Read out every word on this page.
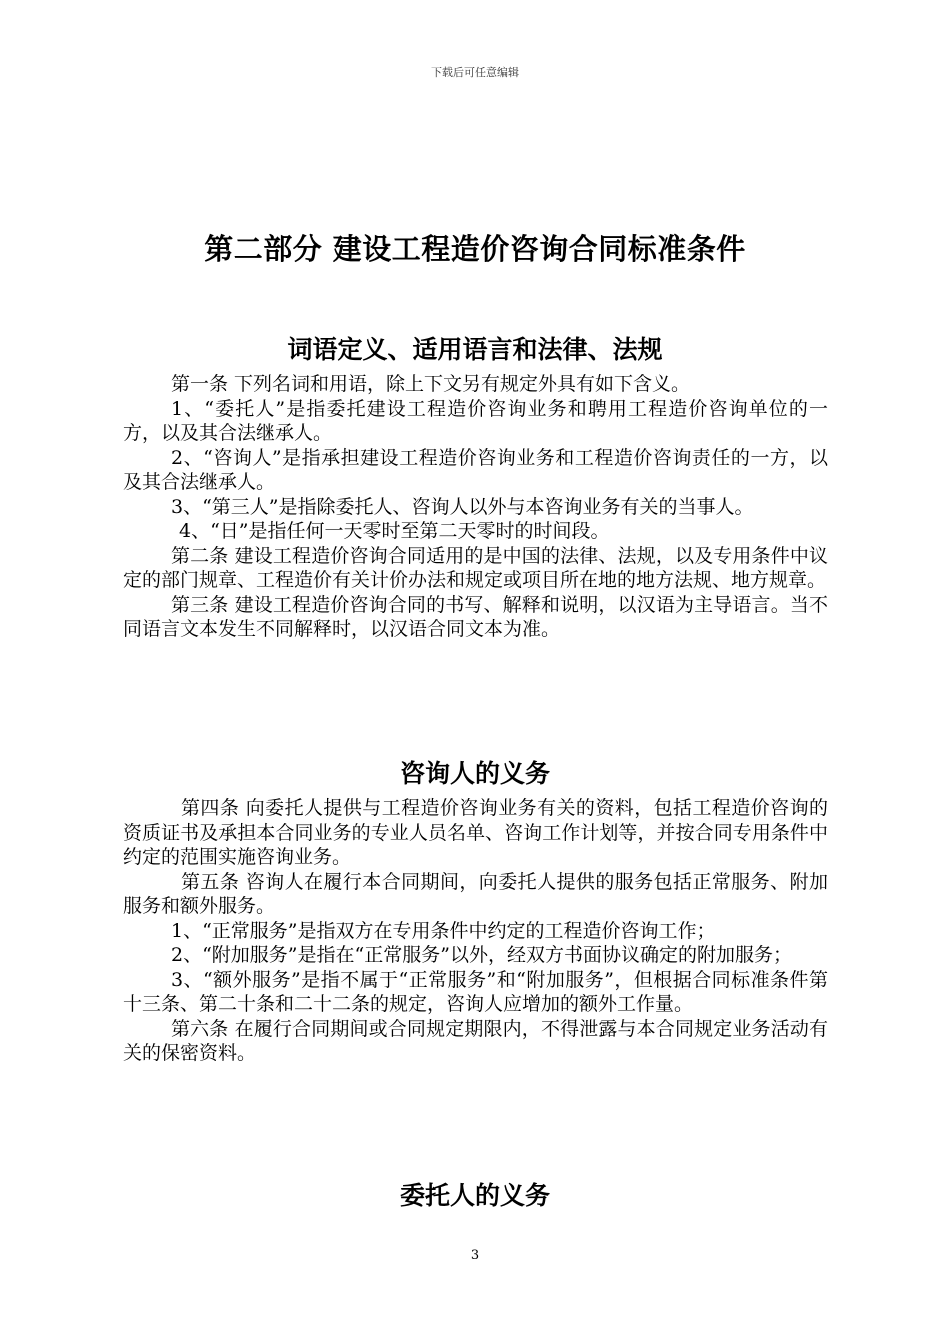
下载后可任意编辑
第二部分 建设工程造价咨询合同标准条件
词语定义、适用语言和法律、法规

第一条 下列名词和用语，除上下文另有规定外具有如下含义。

1、“委托人”是指委托建设工程造价咨询业务和聘用工程造价咨询单位的一方，以及其合法继承人。

2、“咨询人”是指承担建设工程造价咨询业务和工程造价咨询责任的一方，以及其合法继承人。

3、“第三人”是指除委托人、咨询人以外与本咨询业务有关的当事人。

4、“日”是指任何一天零时至第二天零时的时间段。

第二条 建设工程造价咨询合同适用的是中国的法律、法规，以及专用条件中议定的部门规章、工程造价有关计价办法和规定或项目所在地的地方法规、地方规章。

第三条 建设工程造价咨询合同的书写、解释和说明，以汉语为主导语言。当不同语言文本发生不同解释时，以汉语合同文本为准。

咨询人的义务

第四条 向委托人提供与工程造价咨询业务有关的资料，包括工程造价咨询的资质证书及承担本合同业务的专业人员名单、咨询工作计划等，并按合同专用条件中约定的范围实施咨询业务。

第五条 咨询人在履行本合同期间，向委托人提供的服务包括正常服务、附加服务和额外服务。

1、“正常服务”是指双方在专用条件中约定的工程造价咨询工作；

2、“附加服务”是指在“正常服务”以外，经双方书面协议确定的附加服务；

3、“额外服务”是指不属于“正常服务”和“附加服务”，但根据合同标准条件第十三条、第二十条和二十二条的规定，咨询人应增加的额外工作量。

第六条 在履行合同期间或合同规定期限内，不得泄露与本合同规定业务活动有关的保密资料。

委托人的义务
3
